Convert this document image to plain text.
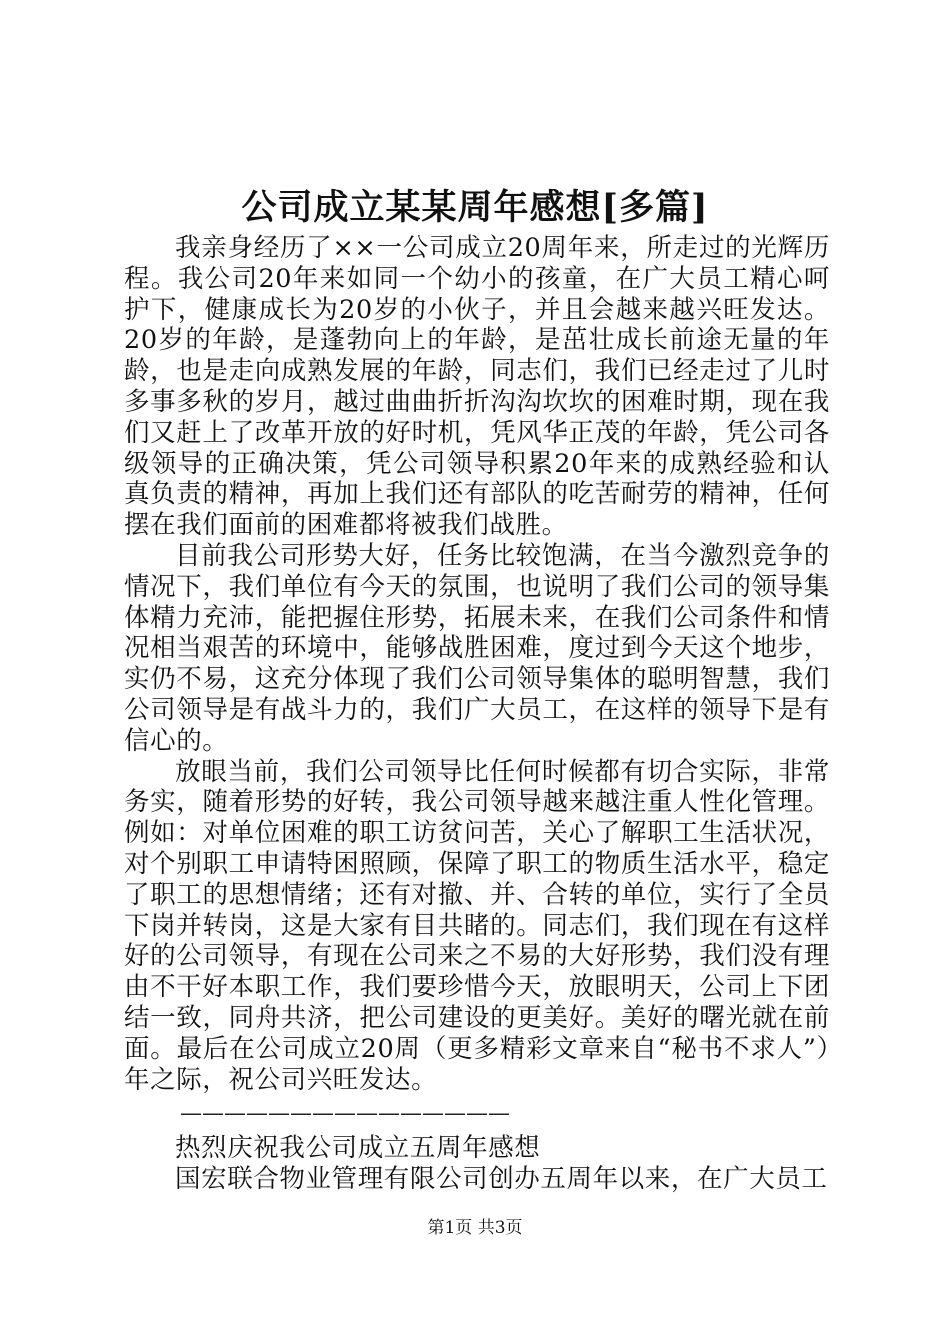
公司成立某某周年感想[多篇]

我亲身经历了××一公司成立20周年来，所走过的光辉历程。我公司20年来如同一个幼小的孩童，在广大员工精心呵护下，健康成长为20岁的小伙子，并且会越来越兴旺发达。20岁的年龄，是蓬勃向上的年龄，是茁壮成长前途无量的年龄，也是走向成熟发展的年龄，同志们，我们已经走过了儿时多事多秋的岁月，越过曲曲折折沟沟坎坎的困难时期，现在我们又赶上了改革开放的好时机，凭风华正茂的年龄，凭公司各级领导的正确决策，凭公司领导积累20年来的成熟经验和认真负责的精神，再加上我们还有部队的吃苦耐劳的精神，任何摆在我们面前的困难都将被我们战胜。

目前我公司形势大好，任务比较饱满，在当今激烈竞争的情况下，我们单位有今天的氛围，也说明了我们公司的领导集体精力充沛，能把握住形势，拓展未来，在我们公司条件和情况相当艰苦的环境中，能够战胜困难，度过到今天这个地步，实仍不易，这充分体现了我们公司领导集体的聪明智慧，我们公司领导是有战斗力的，我们广大员工，在这样的领导下是有信心的。

放眼当前，我们公司领导比任何时候都有切合实际，非常务实，随着形势的好转，我公司领导越来越注重人性化管理。例如：对单位困难的职工访贫问苦，关心了解职工生活状况，对个别职工申请特困照顾，保障了职工的物质生活水平，稳定了职工的思想情绪；还有对撤、并、合转的单位，实行了全员下岗并转岗，这是大家有目共睹的。同志们，我们现在有这样好的公司领导，有现在公司来之不易的大好形势，我们没有理由不干好本职工作，我们要珍惜今天，放眼明天，公司上下团结一致，同舟共济，把公司建设的更美好。美好的曙光就在前面。最后在公司成立20周（更多精彩文章来自“秘书不求人”）年之际，祝公司兴旺发达。

———————————————

热烈庆祝我公司成立五周年感想

国宏联合物业管理有限公司创办五周年以来，在广大员工

第1页 共3页
